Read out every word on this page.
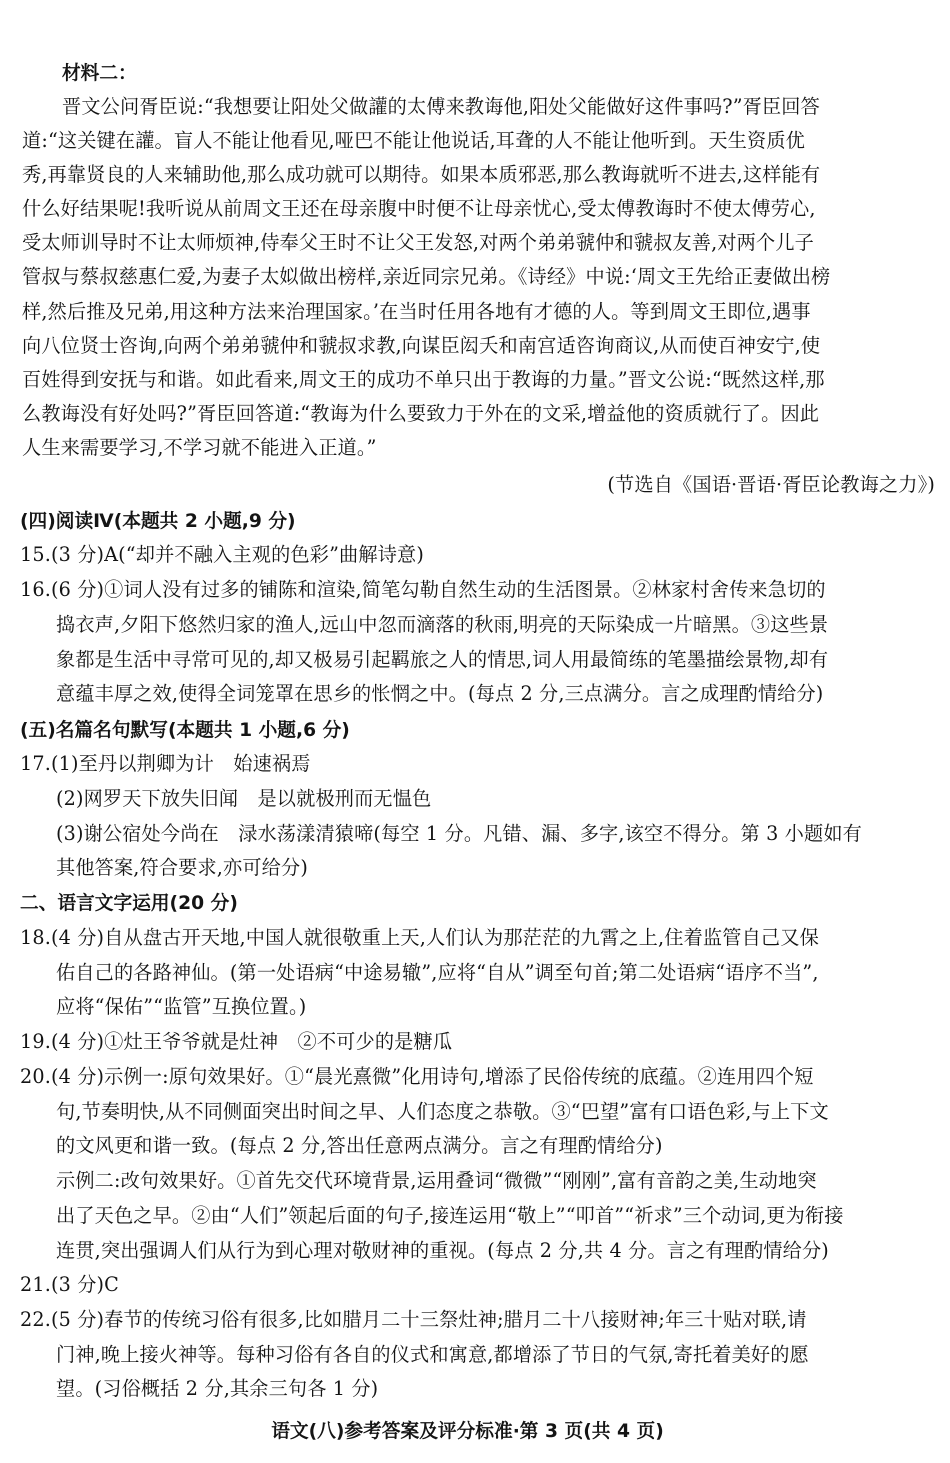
材料二：
晋文公问胥臣说:“我想要让阳处父做讙的太傅来教诲他,阳处父能做好这件事吗?”胥臣回答
道:“这关键在讙。盲人不能让他看见,哑巴不能让他说话,耳聋的人不能让他听到。天生资质优
秀,再靠贤良的人来辅助他,那么成功就可以期待。如果本质邪恶,那么教诲就听不进去,这样能有
什么好结果呢!我听说从前周文王还在母亲腹中时便不让母亲忧心,受太傅教诲时不使太傅劳心,
受太师训导时不让太师烦神,侍奉父王时不让父王发怒,对两个弟弟虢仲和虢叔友善,对两个儿子
管叔与蔡叔慈惠仁爱,为妻子太姒做出榜样,亲近同宗兄弟。《诗经》中说:‘周文王先给正妻做出榜
样,然后推及兄弟,用这种方法来治理国家。’在当时任用各地有才德的人。等到周文王即位,遇事
向八位贤士咨询,向两个弟弟虢仲和虢叔求教,向谋臣闳夭和南宫适咨询商议,从而使百神安宁,使
百姓得到安抚与和谐。如此看来,周文王的成功不单只出于教诲的力量。”晋文公说:“既然这样,那
么教诲没有好处吗?”胥臣回答道:“教诲为什么要致力于外在的文采,增益他的资质就行了。因此
人生来需要学习,不学习就不能进入正道。”
(节选自《国语·晋语·胥臣论教诲之力》)
(四)阅读Ⅳ(本题共 2 小题,9 分)
15.(3 分)A(“却并不融入主观的色彩”曲解诗意)
16.(6 分)①词人没有过多的铺陈和渲染,简笔勾勒自然生动的生活图景。②林家村舍传来急切的
捣衣声,夕阳下悠然归家的渔人,远山中忽而滴落的秋雨,明亮的天际染成一片暗黑。③这些景
象都是生活中寻常可见的,却又极易引起羁旅之人的情思,词人用最简练的笔墨描绘景物,却有
意蕴丰厚之效,使得全词笼罩在思乡的怅惘之中。(每点 2 分,三点满分。言之成理酌情给分)
(五)名篇名句默写(本题共 1 小题,6 分)
17.(1)至丹以荆卿为计　始速祸焉
(2)网罗天下放失旧闻　是以就极刑而无愠色
(3)谢公宿处今尚在　渌水荡漾清猿啼(每空 1 分。凡错、漏、多字,该空不得分。第 3 小题如有
其他答案,符合要求,亦可给分)
二、语言文字运用(20 分)
18.(4 分)自从盘古开天地,中国人就很敬重上天,人们认为那茫茫的九霄之上,住着监管自己又保
佑自己的各路神仙。(第一处语病“中途易辙”,应将“自从”调至句首;第二处语病“语序不当”,
应将“保佑”“监管”互换位置。)
19.(4 分)①灶王爷爷就是灶神　②不可少的是糖瓜
20.(4 分)示例一:原句效果好。①“晨光熹微”化用诗句,增添了民俗传统的底蕴。②连用四个短
句,节奏明快,从不同侧面突出时间之早、人们态度之恭敬。③“巴望”富有口语色彩,与上下文
的文风更和谐一致。(每点 2 分,答出任意两点满分。言之有理酌情给分)
示例二:改句效果好。①首先交代环境背景,运用叠词“微微”“刚刚”,富有音韵之美,生动地突
出了天色之早。②由“人们”领起后面的句子,接连运用“敬上”“叩首”“祈求”三个动词,更为衔接
连贯,突出强调人们从行为到心理对敬财神的重视。(每点 2 分,共 4 分。言之有理酌情给分)
21.(3 分)C
22.(5 分)春节的传统习俗有很多,比如腊月二十三祭灶神;腊月二十八接财神;年三十贴对联,请
门神,晚上接火神等。每种习俗有各自的仪式和寓意,都增添了节日的气氛,寄托着美好的愿
望。(习俗概括 2 分,其余三句各 1 分)
语文(八)参考答案及评分标准·第 3 页(共 4 页)
